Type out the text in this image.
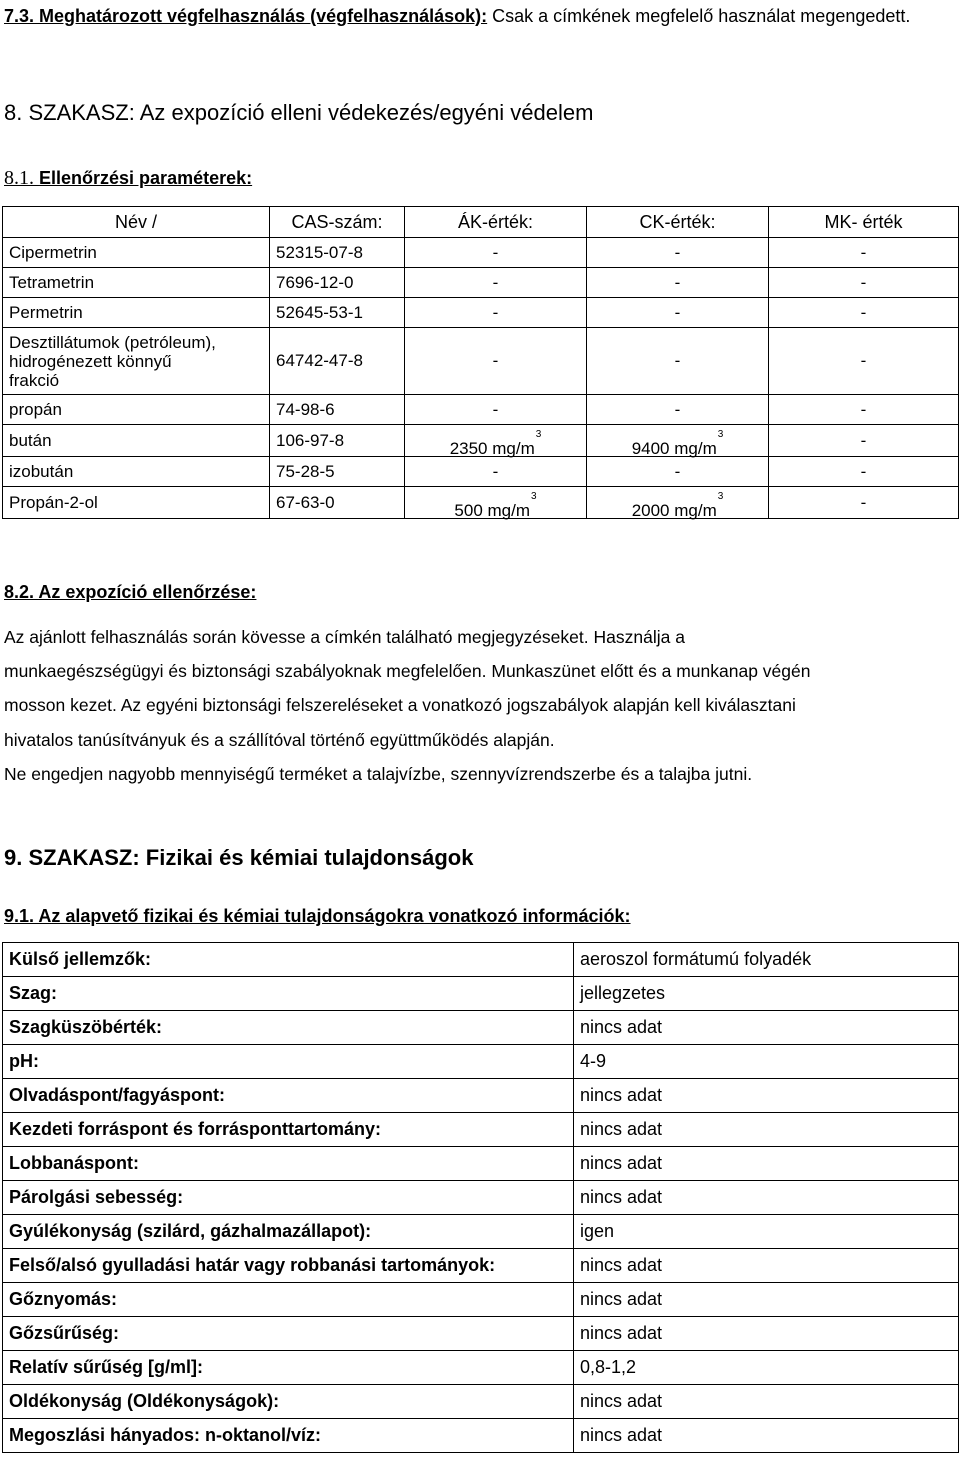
7.3. Meghatározott végfelhasználás (végfelhasználások): Csak a címkének megfelelő használat megengedett.
8. SZAKASZ: Az expozíció elleni védekezés/egyéni védelem
8.1. Ellenőrzési paraméterek:
Név /	CAS-szám:	ÁK-érték:	CK-érték:	MK- érték
Cipermetrin	52315-07-8	-	-	-
Tetrametrin	7696-12-0	-	-	-
Permetrin	52645-53-1	-	-	-
Desztillátumok (petróleum),
hidrogénezett könnyű
frakció	64742-47-8	-	-	-
propán	74-98-6	-	-	-
bután	106-97-8	2350 $mg/m^3$	9400 $mg/m^3$	-
izobután	75-28-5	-	-	-
Propán-2-ol	67-63-0	500 $mg/m^3$	2000 $mg/m^3$	-
8.2. Az expozíció ellenőrzése:
Az ajánlott felhasználás során kövesse a címkén található megjegyzéseket. Használja a
munkaegészségügyi és biztonsági szabályoknak megfelelően. Munkaszünet előtt és a munkanap végén
mosson kezet. Az egyéni biztonsági felszereléseket a vonatkozó jogszabályok alapján kell kiválasztani
hivatalos tanúsítványuk és a szállítóval történő együttműködés alapján.
Ne engedjen nagyobb mennyiségű terméket a talajvízbe, szennyvízrendszerbe és a talajba jutni.
9. SZAKASZ: Fizikai és kémiai tulajdonságok
9.1. Az alapvető fizikai és kémiai tulajdonságokra vonatkozó információk:
Külső jellemzők:	aeroszol formátumú folyadék
Szag:	jellegzetes
Szagküszöbérték:	nincs adat
pH:	4-9
Olvadáspont/fagyáspont:	nincs adat
Kezdeti forráspont és forrásponttartomány:	nincs adat
Lobbanáspont:	nincs adat
Párolgási sebesség:	nincs adat
Gyúlékonyság (szilárd, gázhalmazállapot):	igen
Felső/alsó gyulladási határ vagy robbanási tartományok:	nincs adat
Gőznyomás:	nincs adat
Gőzsűrűség:	nincs adat
Relatív sűrűség [g/ml]:	0,8-1,2
Oldékonyság (Oldékonyságok):	nincs adat
Megoszlási hányados: n-oktanol/víz:	nincs adat
